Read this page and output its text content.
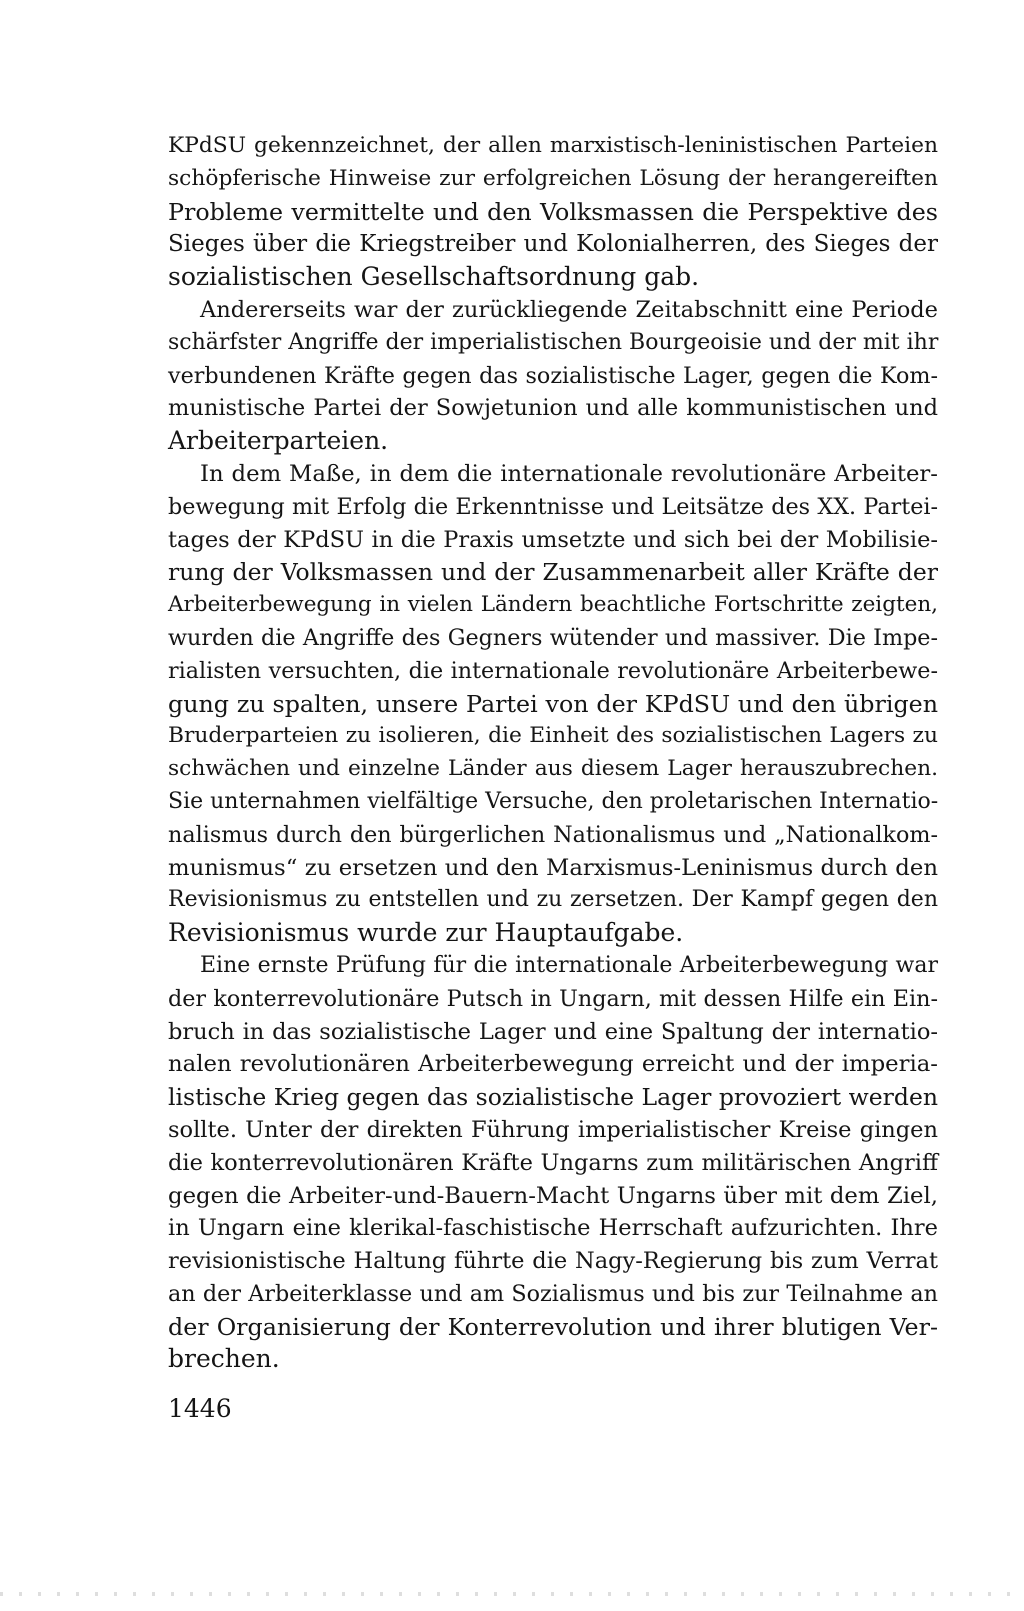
KPdSU gekennzeichnet, der allen marxistisch-leninistischen Parteien
schöpferische Hinweise zur erfolgreichen Lösung der herangereiften
Probleme vermittelte und den Volksmassen die Perspektive des
Sieges über die Kriegstreiber und Kolonialherren, des Sieges der
sozialistischen Gesellschaftsordnung gab.
Andererseits war der zurückliegende Zeitabschnitt eine Periode
schärfster Angriffe der imperialistischen Bourgeoisie und der mit ihr
verbundenen Kräfte gegen das sozialistische Lager, gegen die Kom-
munistische Partei der Sowjetunion und alle kommunistischen und
Arbeiterparteien.
In dem Maße, in dem die internationale revolutionäre Arbeiter-
bewegung mit Erfolg die Erkenntnisse und Leitsätze des XX. Partei-
tages der KPdSU in die Praxis umsetzte und sich bei der Mobilisie-
rung der Volksmassen und der Zusammenarbeit aller Kräfte der
Arbeiterbewegung in vielen Ländern beachtliche Fortschritte zeigten,
wurden die Angriffe des Gegners wütender und massiver. Die Impe-
rialisten versuchten, die internationale revolutionäre Arbeiterbewe-
gung zu spalten, unsere Partei von der KPdSU und den übrigen
Bruderparteien zu isolieren, die Einheit des sozialistischen Lagers zu
schwächen und einzelne Länder aus diesem Lager herauszubrechen.
Sie unternahmen vielfältige Versuche, den proletarischen Internatio-
nalismus durch den bürgerlichen Nationalismus und „Nationalkom-
munismus“ zu ersetzen und den Marxismus-Leninismus durch den
Revisionismus zu entstellen und zu zersetzen. Der Kampf gegen den
Revisionismus wurde zur Hauptaufgabe.
Eine ernste Prüfung für die internationale Arbeiterbewegung war
der konterrevolutionäre Putsch in Ungarn, mit dessen Hilfe ein Ein-
bruch in das sozialistische Lager und eine Spaltung der internatio-
nalen revolutionären Arbeiterbewegung erreicht und der imperia-
listische Krieg gegen das sozialistische Lager provoziert werden
sollte. Unter der direkten Führung imperialistischer Kreise gingen
die konterrevolutionären Kräfte Ungarns zum militärischen Angriff
gegen die Arbeiter-und-Bauern-Macht Ungarns über mit dem Ziel,
in Ungarn eine klerikal-faschistische Herrschaft aufzurichten. Ihre
revisionistische Haltung führte die Nagy-Regierung bis zum Verrat
an der Arbeiterklasse und am Sozialismus und bis zur Teilnahme an
der Organisierung der Konterrevolution und ihrer blutigen Ver-
brechen.
1446
